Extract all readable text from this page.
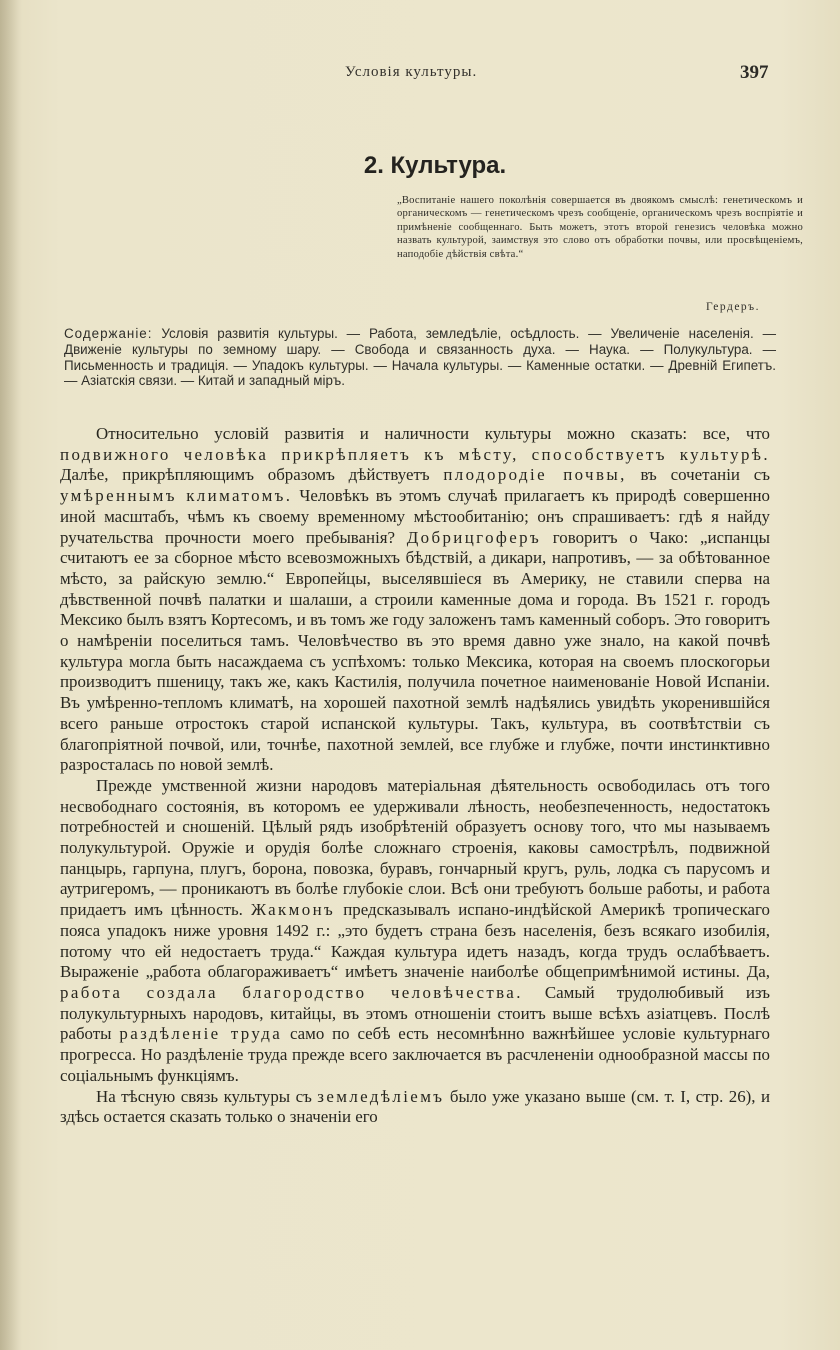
Условія культуры.	397
2. Культура.
„Воспитаніе нашего поколѣнія совершается въ двоякомъ смыслѣ: генетическомъ и органическомъ — генетическомъ чрезъ сообщеніе, органическомъ чрезъ воспріятіе и примѣненіе сообщеннаго. Быть можетъ, этотъ второй генезисъ человѣка можно назвать культурой, заимствуя это слово отъ обработки почвы, или просвѣщеніемъ, наподобіе дѣйствія свѣта.“
Гердеръ.
Содержаніе: Условія развитія культуры. — Работа, земледѣліе, осѣдлость. — Увеличеніе населенія. — Движеніе культуры по земному шару. — Свобода и связанность духа. — Наука. — Полукультура. — Письменность и традиція. — Упадокъ культуры. — Начала культуры. — Каменные остатки. — Древній Египетъ. — Азіатскія связи. — Китай и западный міръ.

Относительно условій развитія и наличности культуры можно сказать: все, что подвижного человѣка прикрѣпляетъ къ мѣсту, способствуетъ культурѣ. Далѣе, прикрѣпляющимъ образомъ дѣйствуетъ плодородіе почвы, въ сочетаніи съ умѣреннымъ климатомъ. Человѣкъ въ этомъ случаѣ прилагаетъ къ природѣ совершенно иной масштабъ, чѣмъ къ своему временному мѣстообитанію; онъ спрашиваетъ: гдѣ я найду ручательства прочности моего пребыванія? Добрицгоферъ говоритъ о Чако: „испанцы считаютъ ее за сборное мѣсто всевозможныхъ бѣдствій, а дикари, напротивъ, — за обѣтованное мѣсто, за райскую землю.“ Европейцы, выселявшіеся въ Америку, не ставили сперва на дѣвственной почвѣ палатки и шалаши, а строили каменные дома и города. Въ 1521 г. городъ Мексико былъ взятъ Кортесомъ, и въ томъ же году заложенъ тамъ каменный соборъ. Это говоритъ о намѣреніи поселиться тамъ. Человѣчество въ это время давно уже знало, на какой почвѣ культура могла быть насаждаема съ успѣхомъ: только Мексика, которая на своемъ плоскогорьи производитъ пшеницу, такъ же, какъ Кастилія, получила почетное наименованіе Новой Испаніи. Въ умѣренно-тепломъ климатѣ, на хорошей пахотной землѣ надѣялись увидѣть укоренившійся всего раньше отростокъ старой испанской культуры. Такъ, культура, въ соотвѣтствіи съ благопріятной почвой, или, точнѣе, пахотной землей, все глубже и глубже, почти инстинктивно разросталась по новой землѣ.

Прежде умственной жизни народовъ матеріальная дѣятельность освободилась отъ того несвободнаго состоянія, въ которомъ ее удерживали лѣность, необезпеченность, недостатокъ потребностей и сношеній. Цѣлый рядъ изобрѣтеній образуетъ основу того, что мы называемъ полукультурой. Оружіе и орудія болѣе сложнаго строенія, каковы самострѣлъ, подвижной панцырь, гарпуна, плугъ, борона, повозка, буравъ, гончарный кругъ, руль, лодка съ парусомъ и аутригеромъ, — проникаютъ въ болѣе глубокіе слои. Всѣ они требуютъ больше работы, и работа придаетъ имъ цѣнность. Жакмонъ предсказывалъ испано-индѣйской Америкѣ тропическаго пояса упадокъ ниже уровня 1492 г.: „это будетъ страна безъ населенія, безъ всякаго изобилія, потому что ей недостаетъ труда.“ Каждая культура идетъ назадъ, когда трудъ ослабѣваетъ. Выраженіе „работа облагораживаетъ“ имѣетъ значеніе наиболѣе общепримѣнимой истины. Да, работа создала благородство человѣчества. Самый трудолюбивый изъ полукультурныхъ народовъ, китайцы, въ этомъ отношеніи стоитъ выше всѣхъ азіатцевъ. Послѣ работы раздѣленіе труда само по себѣ есть несомнѣнно важнѣйшее условіе культурнаго прогресса. Но раздѣленіе труда прежде всего заключается въ расчлененіи однообразной массы по соціальнымъ функціямъ.

На тѣсную связь культуры съ земледѣліемъ было уже указано выше (см. т. I, стр. 26), и здѣсь остается сказать только о значеніи его
